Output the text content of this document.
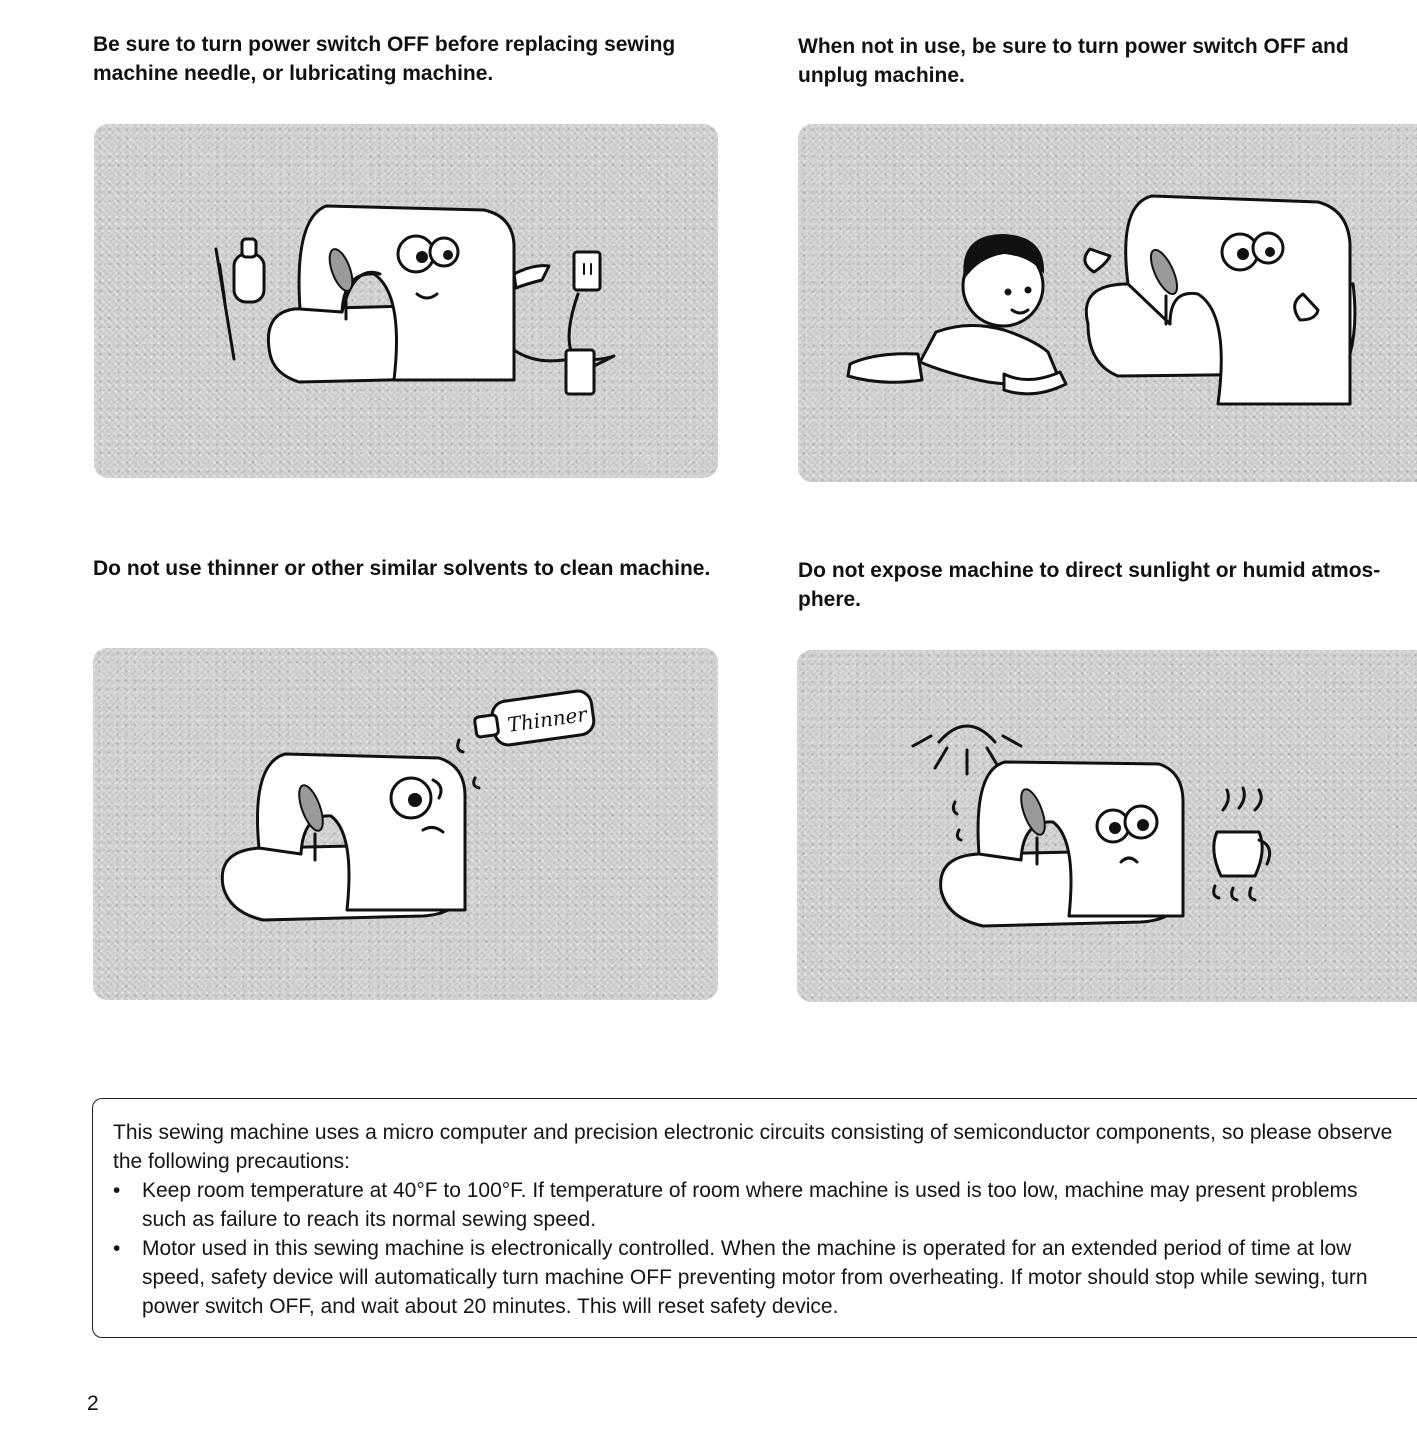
Be sure to turn power switch OFF before replacing sewing machine needle, or lubricating machine.

When not in use, be sure to turn power switch OFF and
unplug machine.

Do not use thinner or other similar solvents to clean machine.	Do not expose machine to direct sunlight or humid atmos-
phere.

Thinner

This sewing machine uses a micro computer and precision electronic circuits consisting of semiconductor components, so please observe the following precautions:

• Keep room temperature at 40°F to 100°F. If temperature of room where machine is used is too low, machine may present problems such as failure to reach its normal sewing speed.
• Motor used in this sewing machine is electronically controlled. When the machine is operated for an extended period of time at low speed, safety device will automatically turn machine OFF preventing motor from overheating. If motor should stop while sewing, turn power switch OFF, and wait about 20 minutes. This will reset safety device.
2
